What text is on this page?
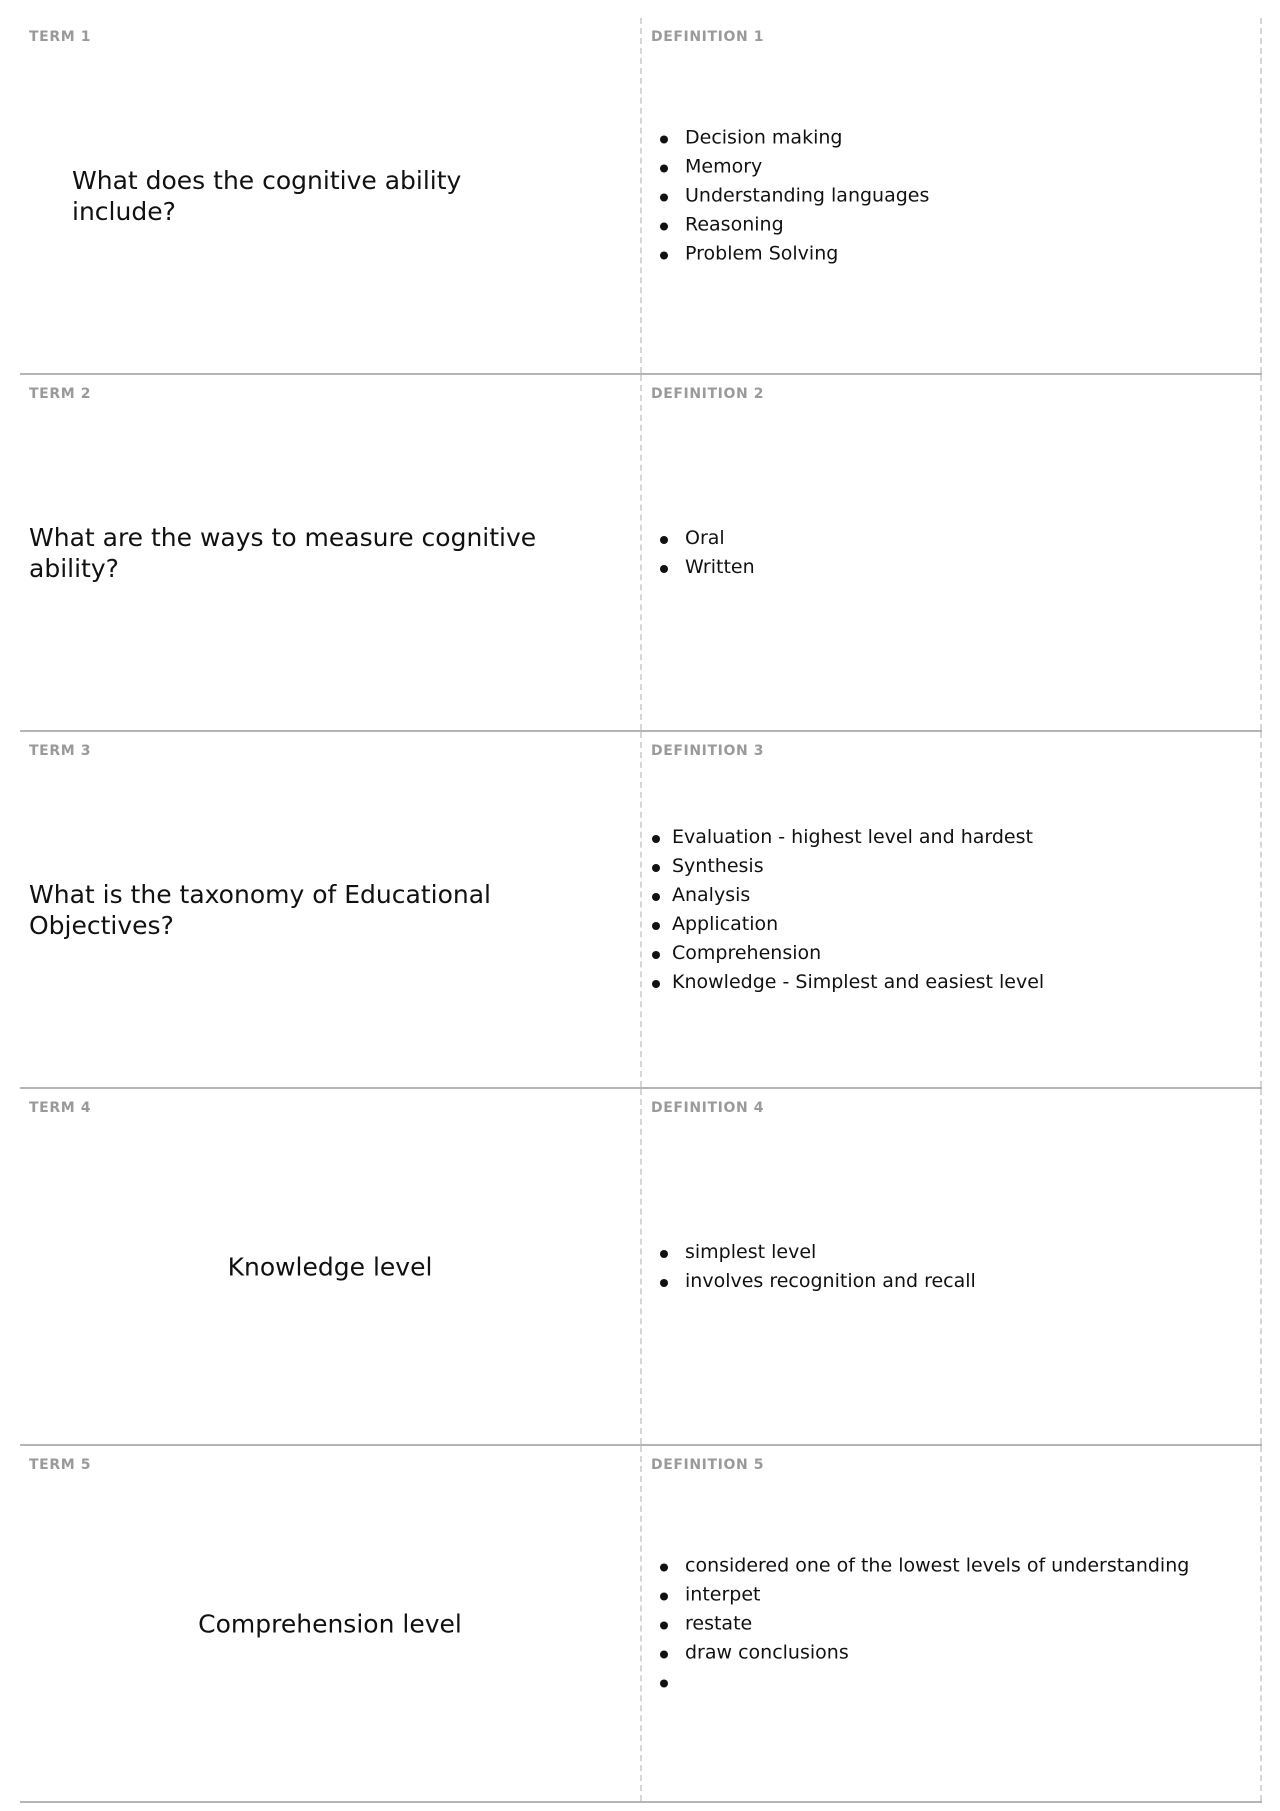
TERM 1
What does the cognitive ability include?
DEFINITION 1
Decision making
Memory
Understanding languages
Reasoning
Problem Solving
TERM 2
What are the ways to measure cognitive ability?
DEFINITION 2
Oral
Written
TERM 3
What is the taxonomy of Educational Objectives?
DEFINITION 3
Evaluation - highest level and hardest
Synthesis
Analysis
Application
Comprehension
Knowledge - Simplest and easiest level
TERM 4
Knowledge level
DEFINITION 4
simplest level
involves recognition and recall
TERM 5
Comprehension level
DEFINITION 5
considered one of the lowest levels of understanding
interpet
restate
draw conclusions
